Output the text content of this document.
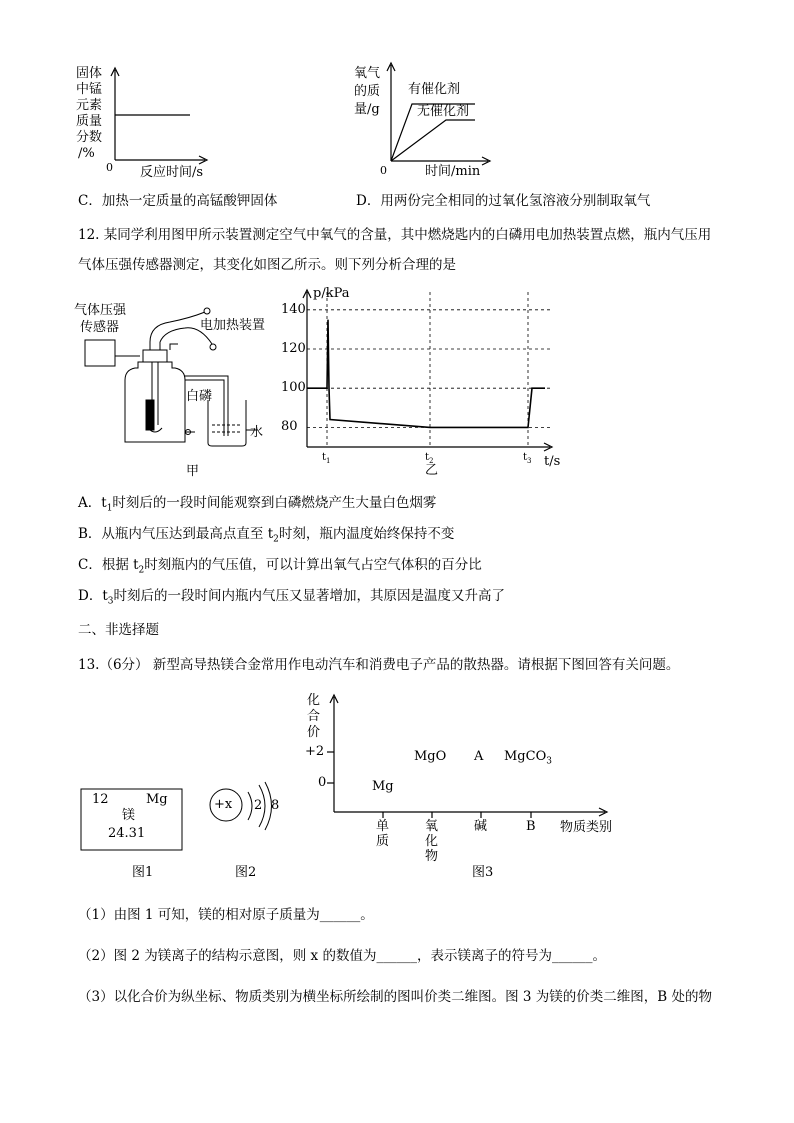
固体
中锰
元素
质量
分数
/%
0 反应时间/s
氧气
的质
量/g
有催化剂
无催化剂
0	时间/min
C．加热一定质量的高锰酸钾固体	D．用两份完全相同的过氧化氢溶液分别制取氧气
12. 某同学利用图甲所示装置测定空气中氧气的含量，其中燃烧匙内的白磷用电加热装置点燃，瓶内气压用
气体压强传感器测定，其变化如图乙所示。则下列分析合理的是
气体压强
传感器	电加热装置
白磷
水
甲
p/kPa
t/s
乙
80
100
120
140
$t_1$	$t_2$	$t_3$
A．$t_1$时刻后的一段时间能观察到白磷燃烧产生大量白色烟雾
B．从瓶内气压达到最高点直至 $t_2$时刻，瓶内温度始终保持不变
C．根据 $t_2$时刻瓶内的气压值，可以计算出氧气占空气体积的百分比
D．$t_3$时刻后的一段时间内瓶内气压又显著增加，其原因是温度又升高了
二、非选择题
13.（6分） 新型高导热镁合金常用作电动汽车和消费电子产品的散热器。请根据下图回答有关问题。
12	Mg
镁
24.31
图1
+x 2 8
图2
化
合
价
+2
0	Mg
MgO A MgCO$_3$
单
质
氧
化
物
碱	B 物质类别
图3
（1）由图 1 可知，镁的相对原子质量为______。
（2）图 2 为镁离子的结构示意图，则 x 的数值为______，表示镁离子的符号为______。
（3）以化合价为纵坐标、物质类别为横坐标所绘制的图叫价类二维图。图 3 为镁的价类二维图，B 处的物
